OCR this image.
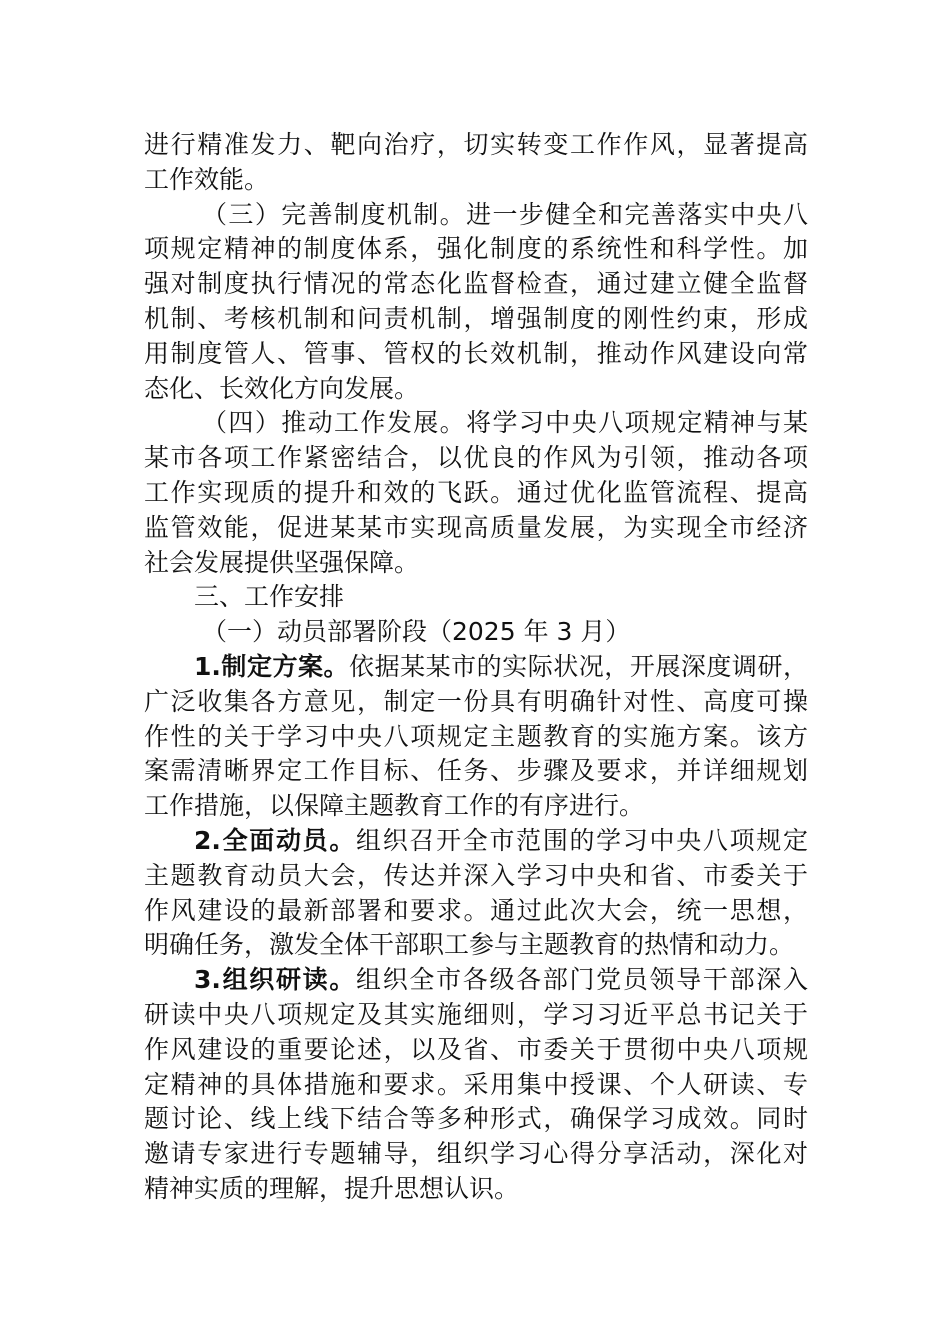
进行精准发力、靶向治疗，切实转变工作作风，显著提高
工作效能。
（三）完善制度机制。进一步健全和完善落实中央八
项规定精神的制度体系，强化制度的系统性和科学性。加
强对制度执行情况的常态化监督检查，通过建立健全监督
机制、考核机制和问责机制，增强制度的刚性约束，形成
用制度管人、管事、管权的长效机制，推动作风建设向常
态化、长效化方向发展。
（四）推动工作发展。将学习中央八项规定精神与某
某市各项工作紧密结合，以优良的作风为引领，推动各项
工作实现质的提升和效的飞跃。通过优化监管流程、提高
监管效能，促进某某市实现高质量发展，为实现全市经济
社会发展提供坚强保障。
三、工作安排
（一）动员部署阶段（2025 年 3 月）
1.制定方案。依据某某市的实际状况，开展深度调研，
广泛收集各方意见，制定一份具有明确针对性、高度可操
作性的关于学习中央八项规定主题教育的实施方案。该方
案需清晰界定工作目标、任务、步骤及要求，并详细规划
工作措施，以保障主题教育工作的有序进行。
2.全面动员。组织召开全市范围的学习中央八项规定
主题教育动员大会，传达并深入学习中央和省、市委关于
作风建设的最新部署和要求。通过此次大会，统一思想，
明确任务，激发全体干部职工参与主题教育的热情和动力。
3.组织研读。组织全市各级各部门党员领导干部深入
研读中央八项规定及其实施细则，学习习近平总书记关于
作风建设的重要论述，以及省、市委关于贯彻中央八项规
定精神的具体措施和要求。采用集中授课、个人研读、专
题讨论、线上线下结合等多种形式，确保学习成效。同时
邀请专家进行专题辅导，组织学习心得分享活动，深化对
精神实质的理解，提升思想认识。
